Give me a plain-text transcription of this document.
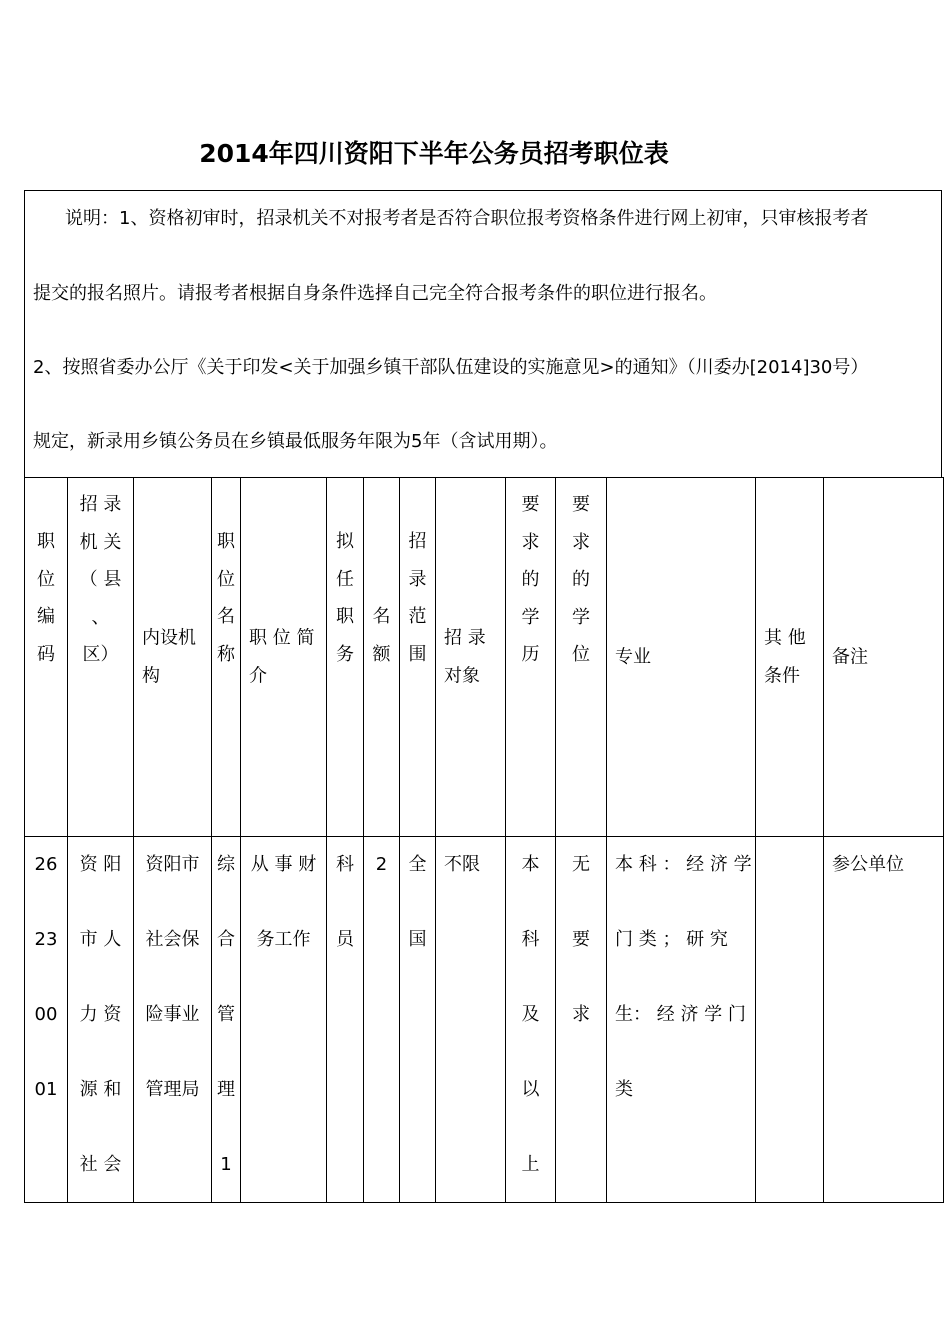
2014年四川资阳下半年公务员招考职位表
说明：1、资格初审时，招录机关不对报考者是否符合职位报考资格条件进行网上初审，只审核报考者
提交的报名照片。请报考者根据自身条件选择自己完全符合报考条件的职位进行报名。
2、按照省委办公厅《关于印发<关于加强乡镇干部队伍建设的实施意见>的通知》（川委办[2014]30号）
规定，新录用乡镇公务员在乡镇最低服务年限为5年（含试用期）。
职
位
编
码	招 录
机 关
（ 县
、
区）	内设机
构	职
位
名
称	职 位 简
介	拟
任
职
务	名
额	招
录
范
围	招 录
对象	要
求
的
学
历	要
求
的
学
位	专业	其 他
条件	备注

26
23
00
01	资 阳
市 人
力 资
源 和
社 会	资阳市
社会保
险事业
管理局	综
合
管
理
1	从 事 财
务工作	科
员	2	全
国	不限	本
科
及
以
上	无
要
求	本 科 ： 经 济 学
门 类 ； 研 究
生： 经 济 学 门
类		参公单位
